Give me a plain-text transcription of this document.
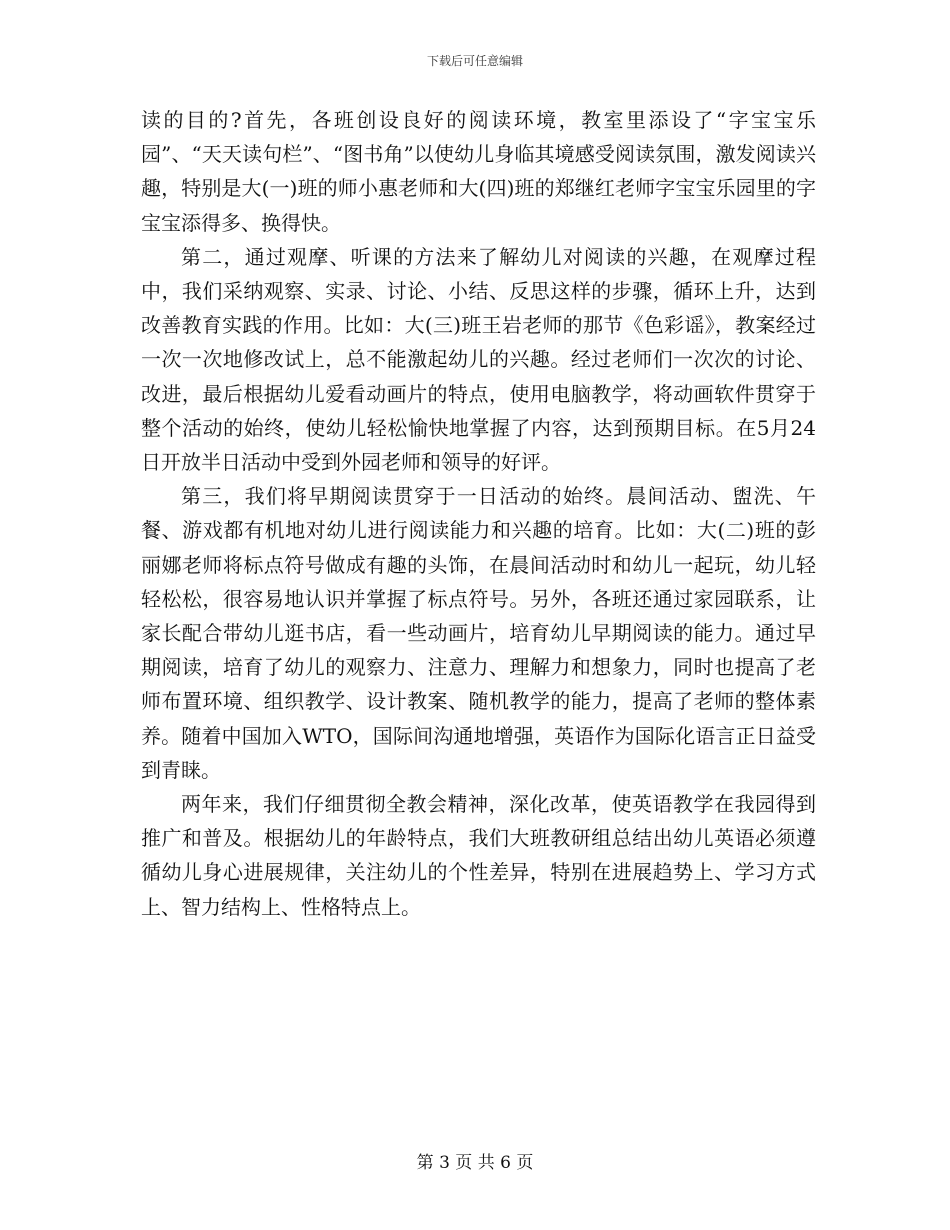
下载后可任意编辑

读的目的?首先，各班创设良好的阅读环境，教室里添设了“字宝宝乐园”、“天天读句栏”、“图书角”以使幼儿身临其境感受阅读氛围，激发阅读兴趣，特别是大(一)班的师小惠老师和大(四)班的郑继红老师字宝宝乐园里的字宝宝添得多、换得快。

第二，通过观摩、听课的方法来了解幼儿对阅读的兴趣，在观摩过程中，我们采纳观察、实录、讨论、小结、反思这样的步骤，循环上升，达到改善教育实践的作用。比如：大(三)班王岩老师的那节《色彩谣》，教案经过一次一次地修改试上，总不能激起幼儿的兴趣。经过老师们一次次的讨论、改进，最后根据幼儿爱看动画片的特点，使用电脑教学，将动画软件贯穿于整个活动的始终，使幼儿轻松愉快地掌握了内容，达到预期目标。在5月24日开放半日活动中受到外园老师和领导的好评。

第三，我们将早期阅读贯穿于一日活动的始终。晨间活动、盥洗、午餐、游戏都有机地对幼儿进行阅读能力和兴趣的培育。比如：大(二)班的彭丽娜老师将标点符号做成有趣的头饰，在晨间活动时和幼儿一起玩，幼儿轻轻松松，很容易地认识并掌握了标点符号。另外，各班还通过家园联系，让家长配合带幼儿逛书店，看一些动画片，培育幼儿早期阅读的能力。通过早期阅读，培育了幼儿的观察力、注意力、理解力和想象力，同时也提高了老师布置环境、组织教学、设计教案、随机教学的能力，提高了老师的整体素养。随着中国加入WTO，国际间沟通地增强，英语作为国际化语言正日益受到青睐。

两年来，我们仔细贯彻全教会精神，深化改革，使英语教学在我园得到推广和普及。根据幼儿的年龄特点，我们大班教研组总结出幼儿英语必须遵循幼儿身心进展规律，关注幼儿的个性差异，特别在进展趋势上、学习方式上、智力结构上、性格特点上。

第 3 页 共 6 页
